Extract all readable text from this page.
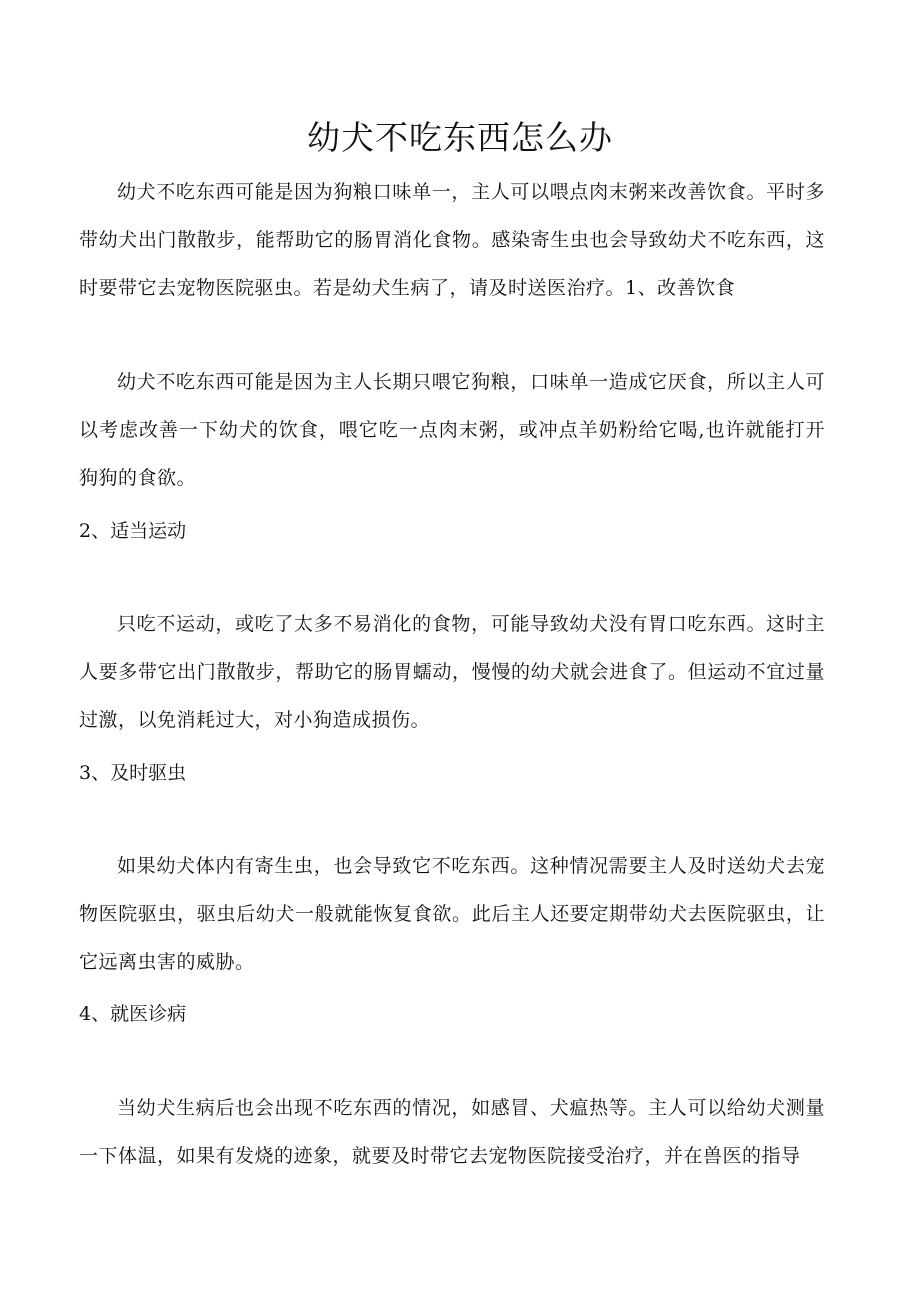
幼犬不吃东西怎么办

幼犬不吃东西可能是因为狗粮口味单一，主人可以喂点肉末粥来改善饮食。平时多带幼犬出门散散步，能帮助它的肠胃消化食物。感染寄生虫也会导致幼犬不吃东西，这时要带它去宠物医院驱虫。若是幼犬生病了，请及时送医治疗。1、改善饮食

幼犬不吃东西可能是因为主人长期只喂它狗粮，口味单一造成它厌食，所以主人可以考虑改善一下幼犬的饮食，喂它吃一点肉末粥，或冲点羊奶粉给它喝,也许就能打开狗狗的食欲。

2、适当运动

只吃不运动，或吃了太多不易消化的食物，可能导致幼犬没有胃口吃东西。这时主人要多带它出门散散步，帮助它的肠胃蠕动，慢慢的幼犬就会进食了。但运动不宜过量过激，以免消耗过大，对小狗造成损伤。

3、及时驱虫

如果幼犬体内有寄生虫，也会导致它不吃东西。这种情况需要主人及时送幼犬去宠物医院驱虫，驱虫后幼犬一般就能恢复食欲。此后主人还要定期带幼犬去医院驱虫，让它远离虫害的威胁。

4、就医诊病

当幼犬生病后也会出现不吃东西的情况，如感冒、犬瘟热等。主人可以给幼犬测量一下体温，如果有发烧的迹象，就要及时带它去宠物医院接受治疗，并在兽医的指导
